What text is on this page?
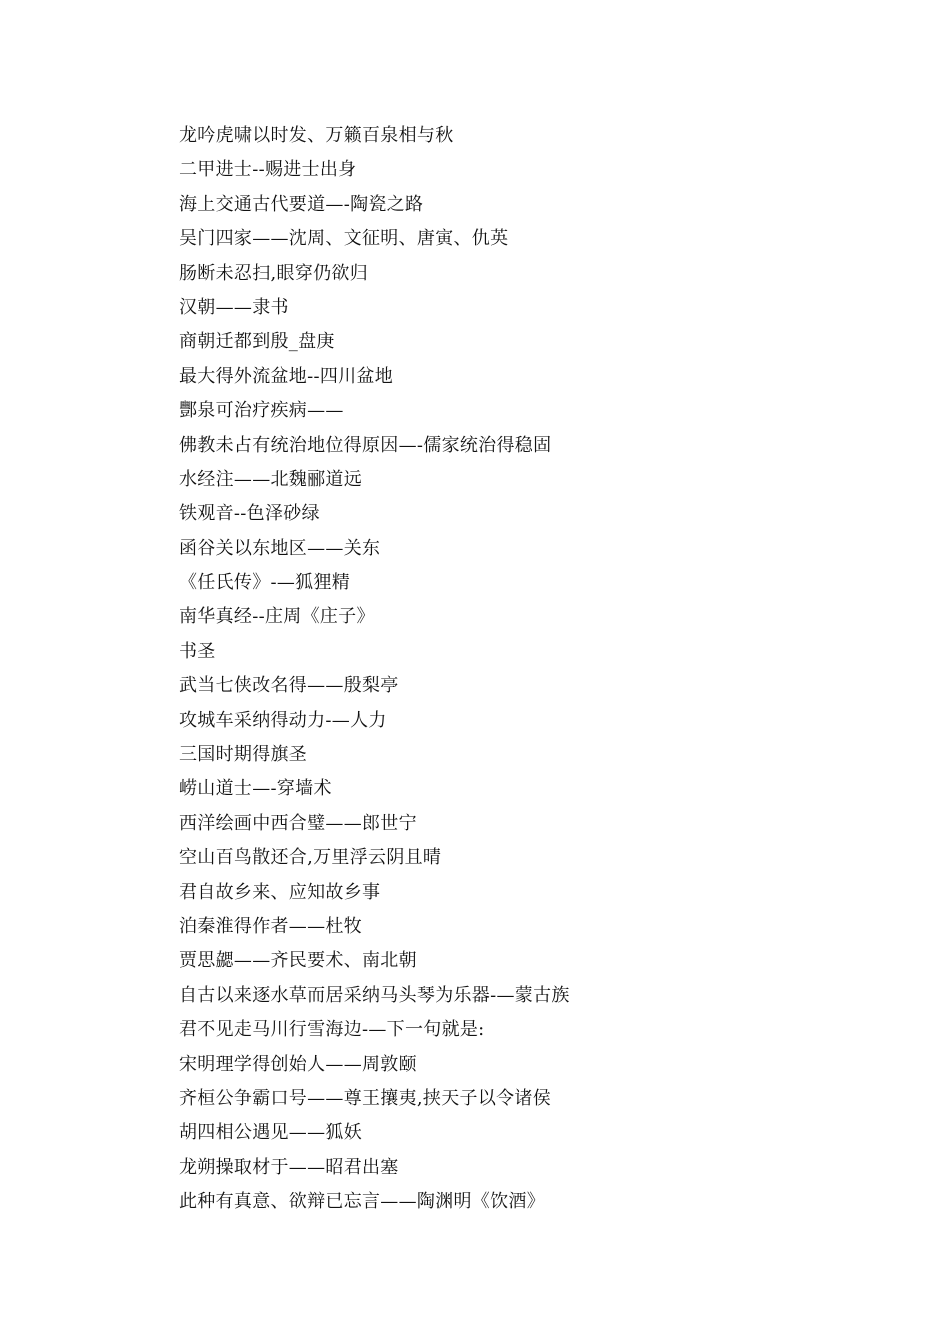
龙吟虎啸以时发、万籁百泉相与秋
二甲进士--赐进士出身
海上交通古代要道—-陶瓷之路
吴门四家——沈周、文征明、唐寅、仇英
肠断未忍扫,眼穿仍欲归
汉朝——隶书
商朝迁都到殷_盘庚
最大得外流盆地--四川盆地
酆泉可治疗疾病——
佛教未占有统治地位得原因—-儒家统治得稳固
水经注——北魏郦道远
铁观音--色泽砂绿
函谷关以东地区——关东
《任氏传》-—狐狸精
南华真经--庄周《庄子》
书圣
武当七侠改名得——殷梨亭
攻城车采纳得动力-—人力
三国时期得旗圣
崂山道士—-穿墙术
西洋绘画中西合璧——郎世宁
空山百鸟散还合,万里浮云阴且晴
君自故乡来、应知故乡事
泊秦淮得作者——杜牧
贾思勰——齐民要术、南北朝
自古以来逐水草而居采纳马头琴为乐器-—蒙古族
君不见走马川行雪海边-—下一句就是:
宋明理学得创始人——周敦颐
齐桓公争霸口号——尊王攘夷,挟天子以令诸侯
胡四相公遇见——狐妖
龙朔操取材于——昭君出塞
此种有真意、欲辩已忘言——陶渊明《饮酒》
